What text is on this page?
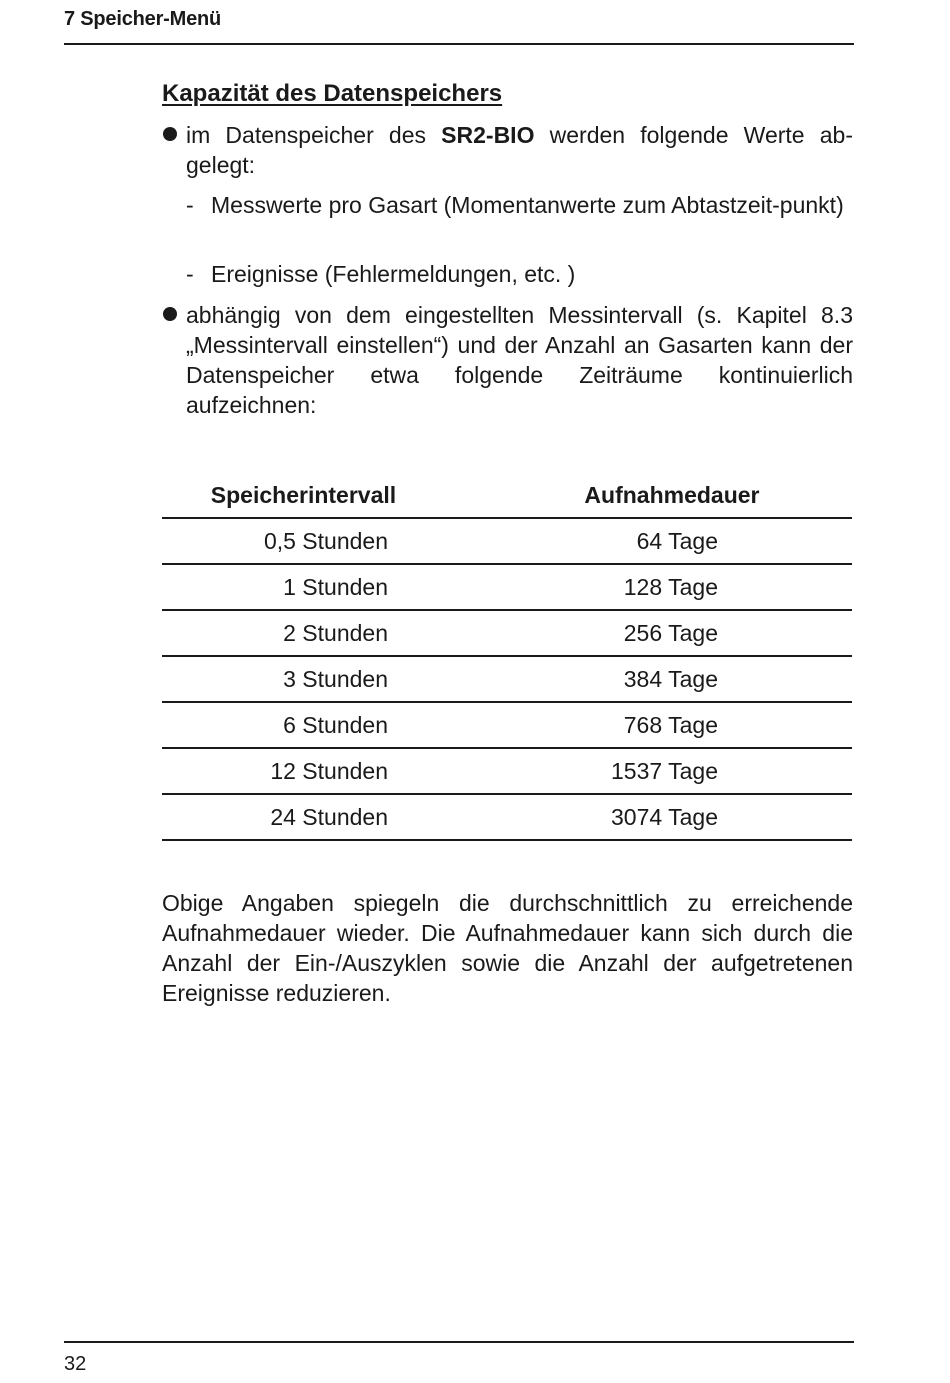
7 Speicher-Menü
Kapazität des Datenspeichers
im Datenspeicher des SR2-BIO werden folgende Werte ab-gelegt:
- Messwerte pro Gasart (Momentanwerte zum Abtastzeit-punkt)
- Ereignisse (Fehlermeldungen, etc. )
abhängig von dem eingestellten Messintervall (s. Kapitel 8.3 „Messintervall einstellen“) und der Anzahl an Gasarten kann der Datenspeicher etwa folgende Zeiträume kontinuierlich aufzeichnen:
Speicherintervall	Aufnahmedauer
0,5 Stunden	64 Tage
1 Stunden	128 Tage
2 Stunden	256 Tage
3 Stunden	384 Tage
6 Stunden	768 Tage
12 Stunden	1537 Tage
24 Stunden	3074 Tage
Obige Angaben spiegeln die durchschnittlich zu erreichende Aufnahmedauer wieder. Die Aufnahmedauer kann sich durch die Anzahl der Ein-/Auszyklen sowie die Anzahl der aufgetretenen Ereignisse reduzieren.
32
